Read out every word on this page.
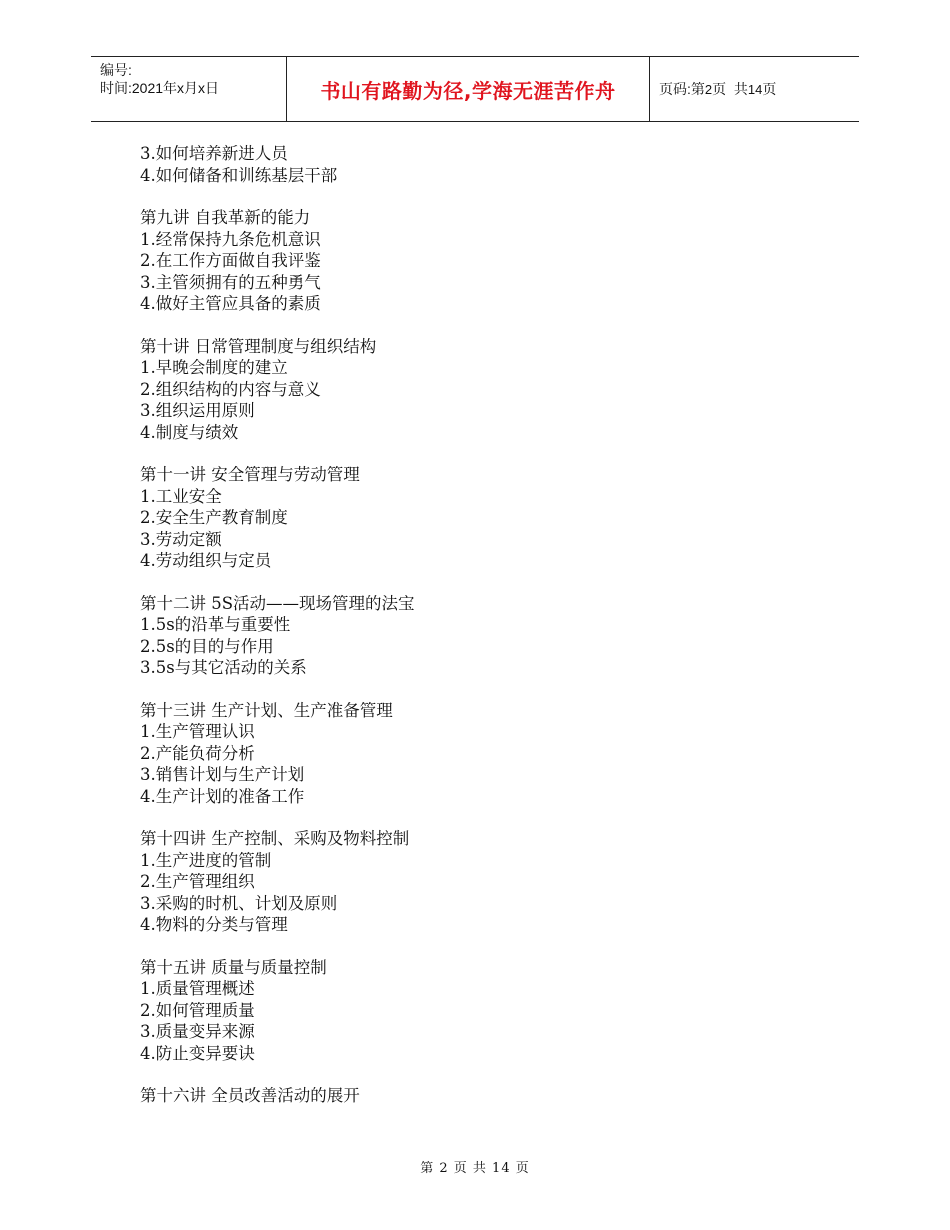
编号:
时间:2021年x月x日	书山有路勤为径,学海无涯苦作舟	页码:第 2 页  共 14 页
3.如何培养新进人员
4.如何储备和训练基层干部
第九讲 自我革新的能力
1.经常保持九条危机意识
2.在工作方面做自我评鉴
3.主管须拥有的五种勇气
4.做好主管应具备的素质
第十讲 日常管理制度与组织结构
1.早晚会制度的建立
2.组织结构的内容与意义
3.组织运用原则
4.制度与绩效
第十一讲 安全管理与劳动管理
1.工业安全
2.安全生产教育制度
3.劳动定额
4.劳动组织与定员
第十二讲 5S活动——现场管理的法宝
1.5s的沿革与重要性
2.5s的目的与作用
3.5s与其它活动的关系
第十三讲 生产计划、生产准备管理
1.生产管理认识
2.产能负荷分析
3.销售计划与生产计划
4.生产计划的准备工作
第十四讲 生产控制、采购及物料控制
1.生产进度的管制
2.生产管理组织
3.采购的时机、计划及原则
4.物料的分类与管理
第十五讲 质量与质量控制
1.质量管理概述
2.如何管理质量
3.质量变异来源
4.防止变异要诀
第十六讲 全员改善活动的展开
第 2 页 共 14 页
